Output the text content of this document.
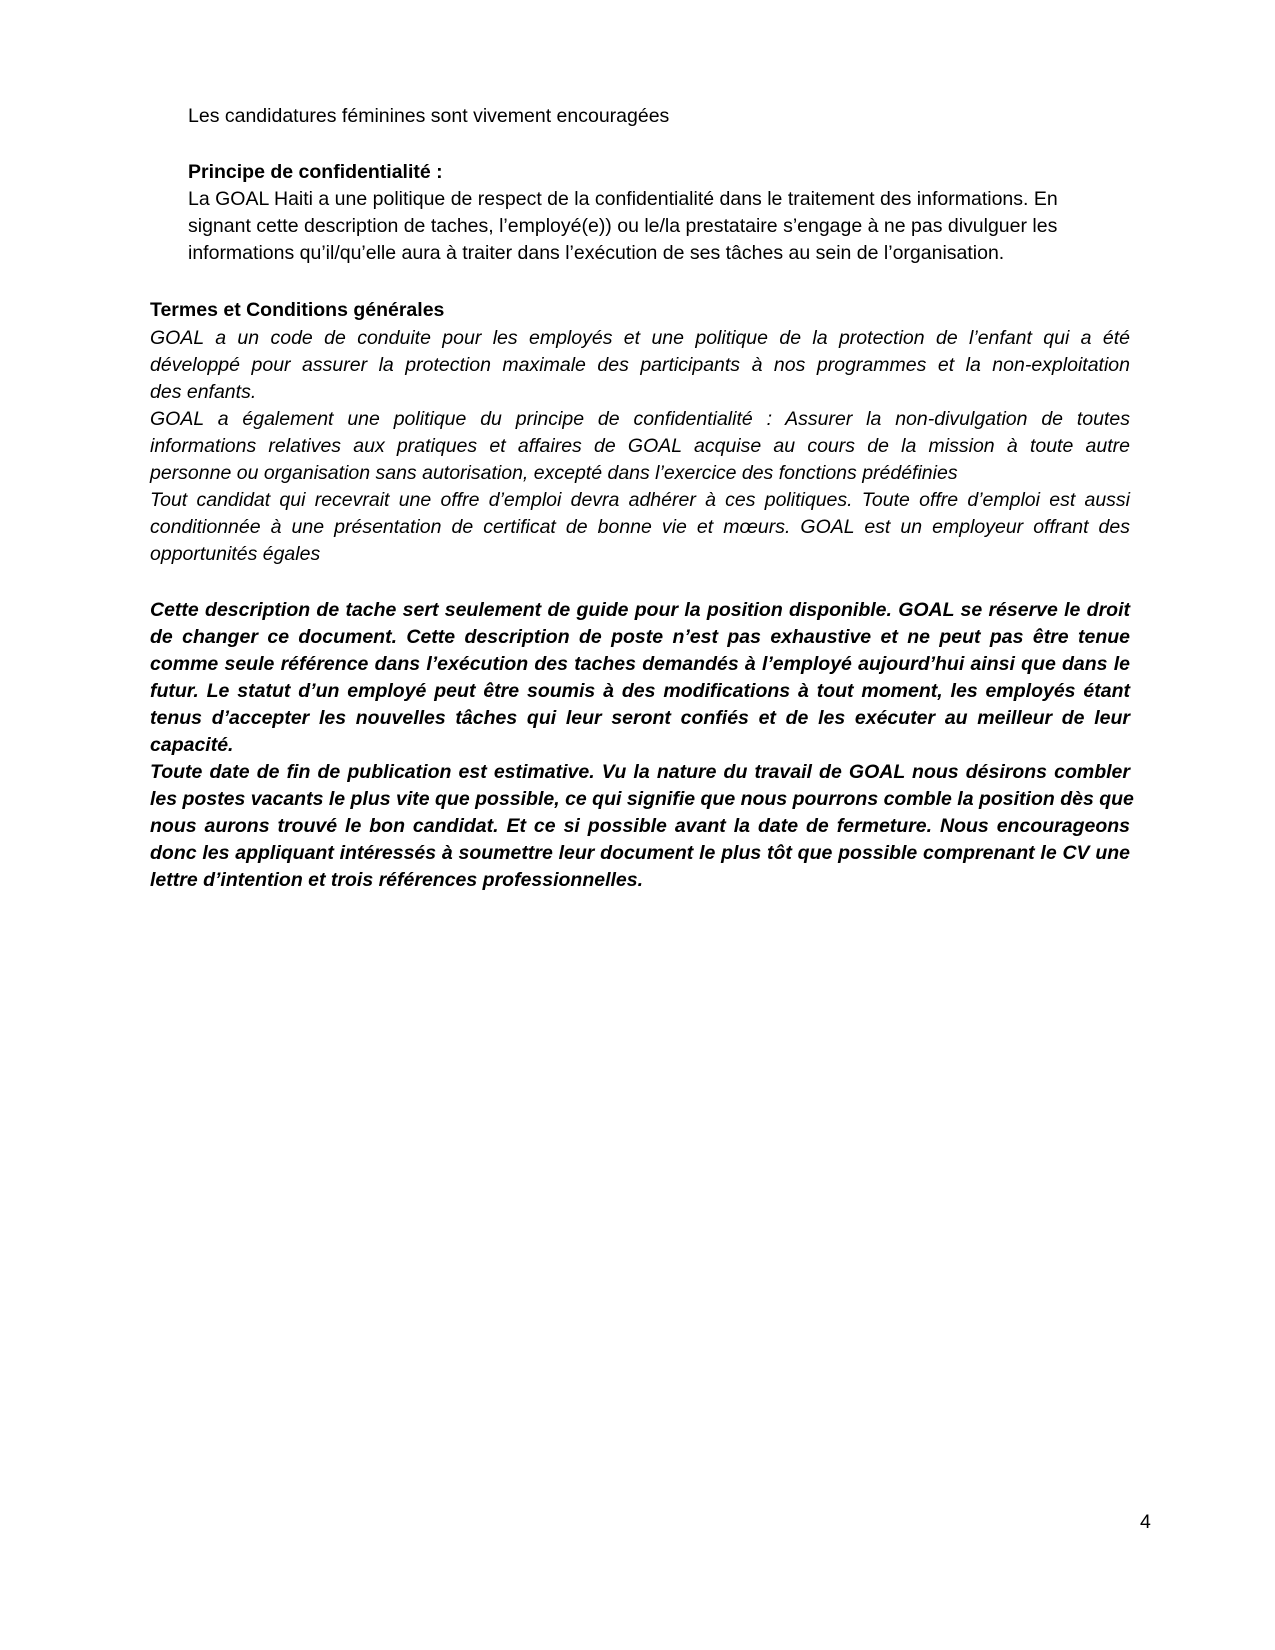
Les candidatures féminines sont vivement encouragées
Principe de confidentialité :
La GOAL Haiti a une politique de respect de la confidentialité dans le traitement des informations. En
signant cette description de taches, l’employé(e)) ou le/la prestataire s’engage à ne pas divulguer les
informations qu’il/qu’elle aura à traiter dans l’exécution de ses tâches au sein de l’organisation.
Termes et Conditions générales
GOAL a un code de conduite pour les employés et une politique de la protection de l’enfant qui a été
développé pour assurer la protection maximale des participants à nos programmes et la non-exploitation
des enfants.
GOAL a également une politique du principe de confidentialité : Assurer la non-divulgation de toutes
informations relatives aux pratiques et affaires de GOAL acquise au cours de la mission à toute autre
personne ou organisation sans autorisation, excepté dans l’exercice des fonctions prédéfinies
Tout candidat qui recevrait une offre d’emploi devra adhérer à ces politiques. Toute offre d’emploi est aussi
conditionnée à une présentation de certificat de bonne vie et mœurs. GOAL est un employeur offrant des
opportunités égales
Cette description de tache sert seulement de guide pour la position disponible. GOAL se réserve le droit
de changer ce document. Cette description de poste n’est pas exhaustive et ne peut pas être tenue
comme seule référence dans l’exécution des taches demandés à l’employé aujourd’hui ainsi que dans le
futur. Le statut d’un employé peut être soumis à des modifications à tout moment, les employés étant
tenus d’accepter les nouvelles tâches qui leur seront confiés et de les exécuter au meilleur de leur
capacité.
Toute date de fin de publication est estimative. Vu la nature du travail de GOAL nous désirons combler
les postes vacants le plus vite que possible, ce qui signifie que nous pourrons comble la position dès que
nous aurons trouvé le bon candidat. Et ce si possible avant la date de fermeture. Nous encourageons
donc les appliquant intéressés à soumettre leur document le plus tôt que possible comprenant le CV une
lettre d’intention et trois références professionnelles.
4
